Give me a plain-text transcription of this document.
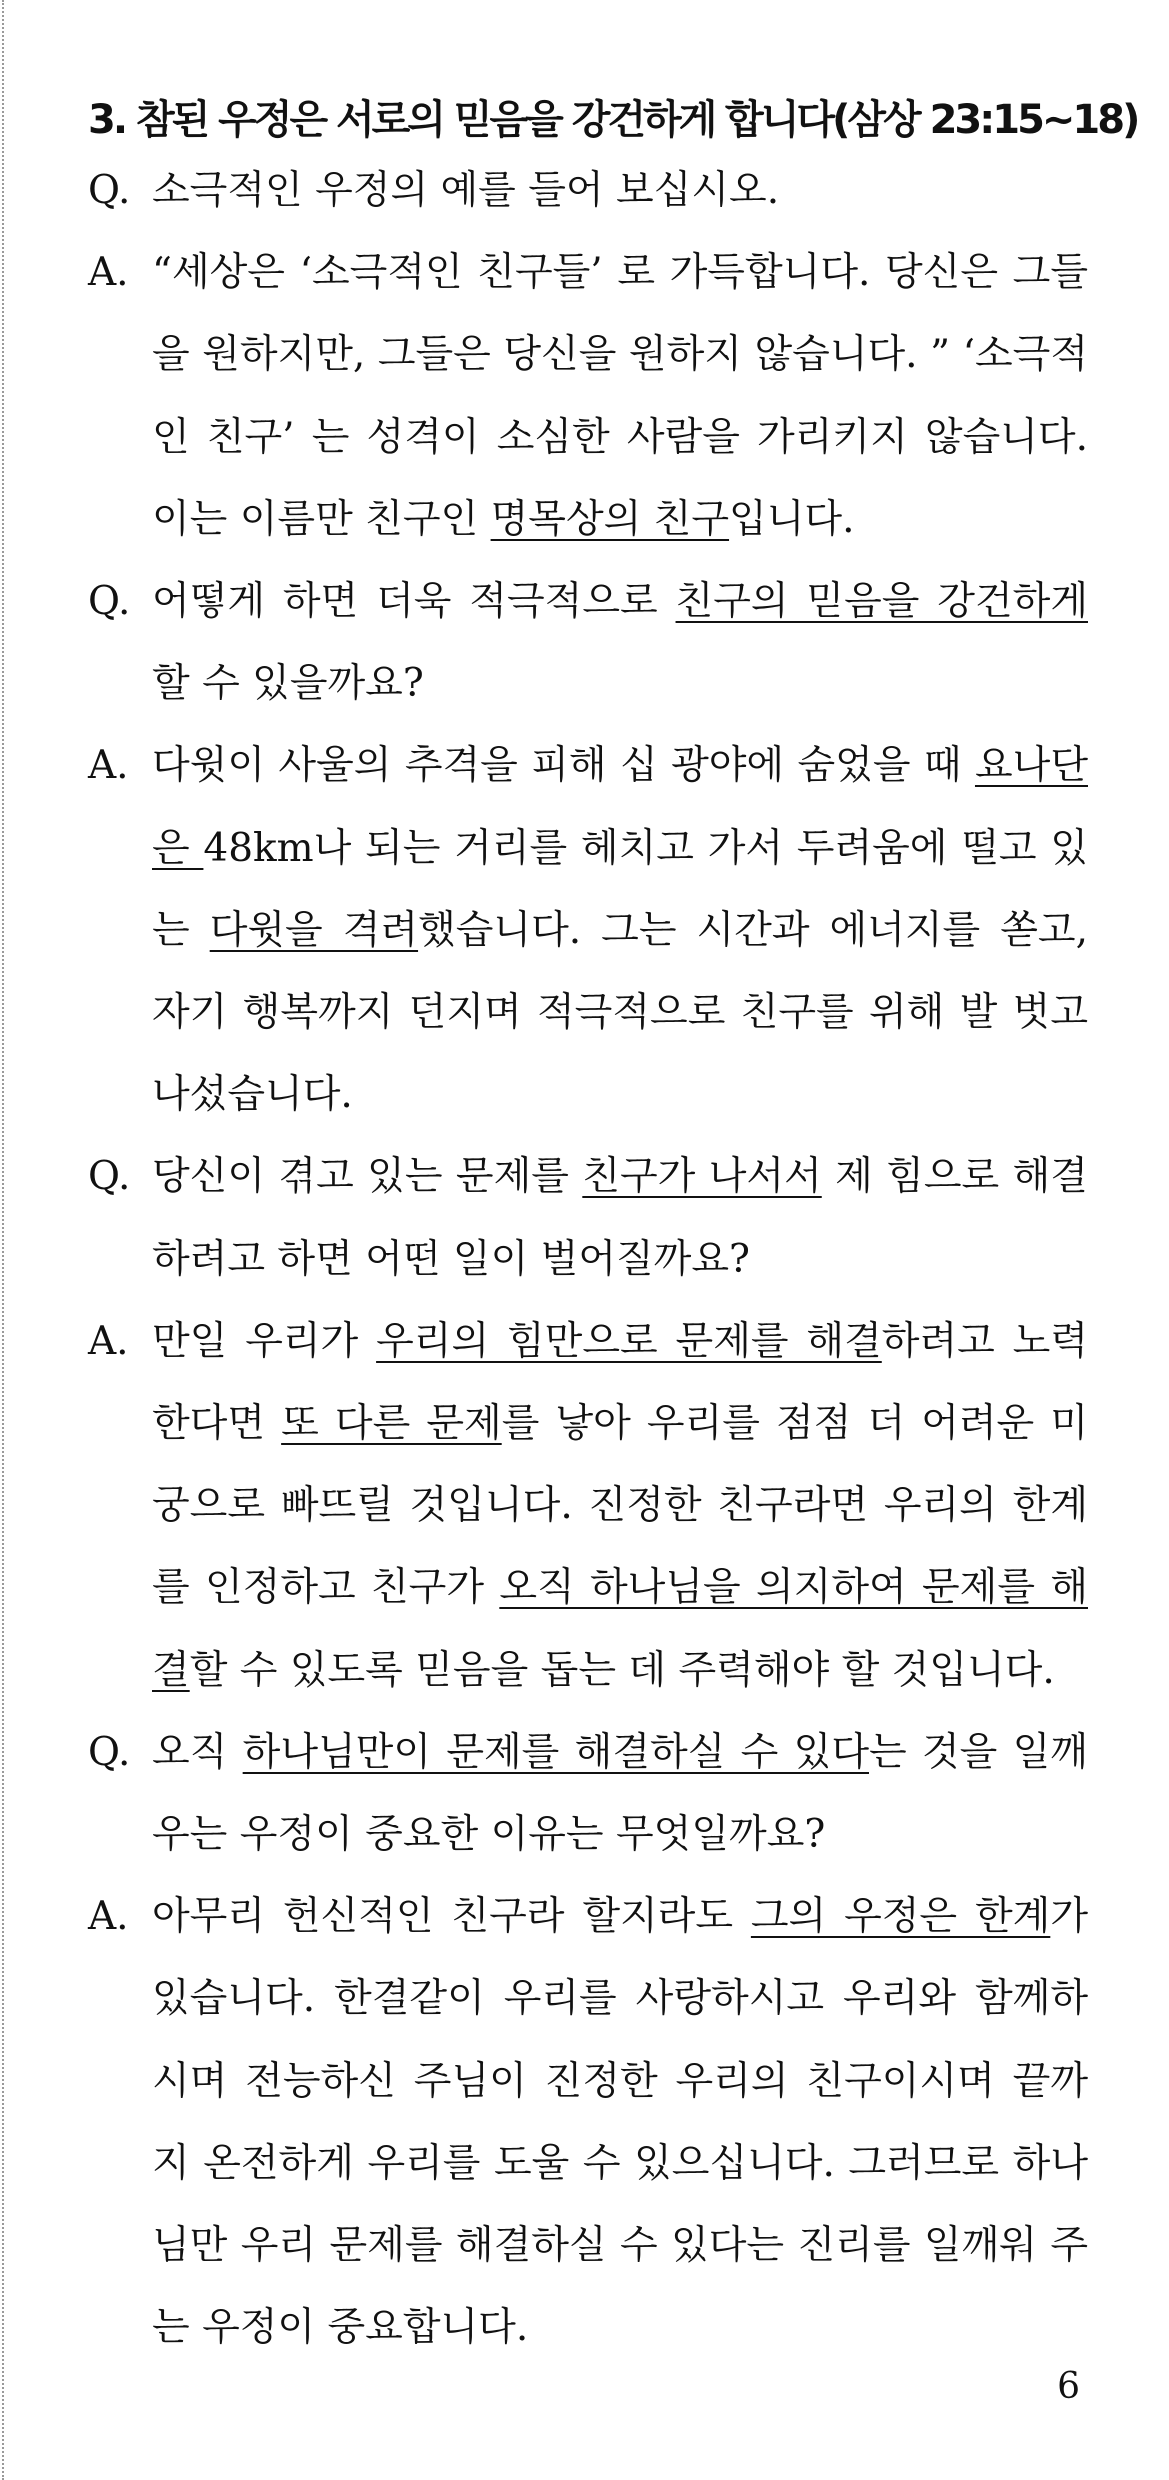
3. 참된 우정은 서로의 믿음을 강건하게 합니다(삼상 23:15~18)
Q. 소극적인 우정의 예를 들어 보십시오.
A. “세상은 ‘소극적인 친구들’ 로 가득합니다. 당신은 그들을 원하지만, 그들은 당신을 원하지 않습니다. ” ‘소극적인 친구’ 는 성격이 소심한 사람을 가리키지 않습니다. 이는 이름만 친구인 명목상의 친구입니다.
Q. 어떻게 하면 더욱 적극적으로 친구의 믿음을 강건하게 할 수 있을까요?
A. 다윗이 사울의 추격을 피해 십 광야에 숨었을 때 요나단은 48km나 되는 거리를 헤치고 가서 두려움에 떨고 있는 다윗을 격려했습니다. 그는 시간과 에너지를 쏟고, 자기 행복까지 던지며 적극적으로 친구를 위해 발 벗고 나섰습니다.
Q. 당신이 겪고 있는 문제를 친구가 나서서 제 힘으로 해결하려고 하면 어떤 일이 벌어질까요?
A. 만일 우리가 우리의 힘만으로 문제를 해결하려고 노력한다면 또 다른 문제를 낳아 우리를 점점 더 어려운 미궁으로 빠뜨릴 것입니다. 진정한 친구라면 우리의 한계를 인정하고 친구가 오직 하나님을 의지하여 문제를 해결할 수 있도록 믿음을 돕는 데 주력해야 할 것입니다.
Q. 오직 하나님만이 문제를 해결하실 수 있다는 것을 일깨우는 우정이 중요한 이유는 무엇일까요?
A. 아무리 헌신적인 친구라 할지라도 그의 우정은 한계가 있습니다. 한결같이 우리를 사랑하시고 우리와 함께하시며 전능하신 주님이 진정한 우리의 친구이시며 끝까지 온전하게 우리를 도울 수 있으십니다. 그러므로 하나님만 우리 문제를 해결하실 수 있다는 진리를 일깨워 주는 우정이 중요합니다.
6
